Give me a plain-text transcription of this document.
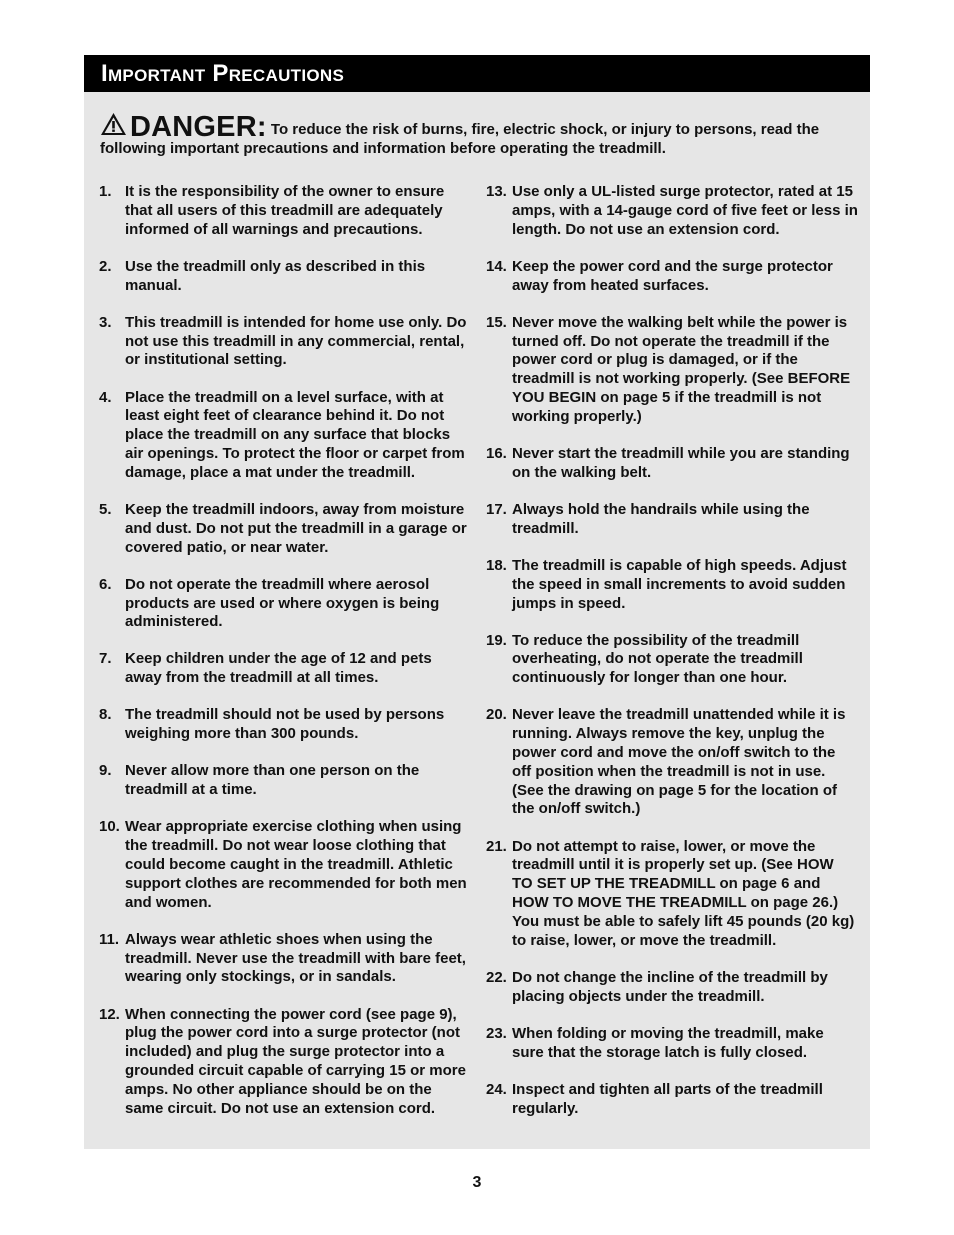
Important Precautions
DANGER: To reduce the risk of burns, fire, electric shock, or injury to persons, read the following important precautions and information before operating the treadmill.
1. It is the responsibility of the owner to ensure that all users of this treadmill are adequately informed of all warnings and precautions.
2. Use the treadmill only as described in this manual.
3. This treadmill is intended for home use only. Do not use this treadmill in any commercial, rental, or institutional setting.
4. Place the treadmill on a level surface, with at least eight feet of clearance behind it. Do not place the treadmill on any surface that blocks air openings. To protect the floor or carpet from damage, place a mat under the treadmill.
5. Keep the treadmill indoors, away from moisture and dust. Do not put the treadmill in a garage or covered patio, or near water.
6. Do not operate the treadmill where aerosol products are used or where oxygen is being administered.
7. Keep children under the age of 12 and pets away from the treadmill at all times.
8. The treadmill should not be used by persons weighing more than 300 pounds.
9. Never allow more than one person on the treadmill at a time.
10. Wear appropriate exercise clothing when using the treadmill. Do not wear loose clothing that could become caught in the treadmill. Athletic support clothes are recommended for both men and women.
11. Always wear athletic shoes when using the treadmill. Never use the treadmill with bare feet, wearing only stockings, or in sandals.
12. When connecting the power cord (see page 9), plug the power cord into a surge protector (not included) and plug the surge protector into a grounded circuit capable of carrying 15 or more amps. No other appliance should be on the same circuit. Do not use an extension cord.
13. Use only a UL-listed surge protector, rated at 15 amps, with a 14-gauge cord of five feet or less in length. Do not use an extension cord.
14. Keep the power cord and the surge protector away from heated surfaces.
15. Never move the walking belt while the power is turned off. Do not operate the treadmill if the power cord or plug is damaged, or if the treadmill is not working properly. (See BEFORE YOU BEGIN on page 5 if the treadmill is not working properly.)
16. Never start the treadmill while you are standing on the walking belt.
17. Always hold the handrails while using the treadmill.
18. The treadmill is capable of high speeds. Adjust the speed in small increments to avoid sudden jumps in speed.
19. To reduce the possibility of the treadmill overheating, do not operate the treadmill continuously for longer than one hour.
20. Never leave the treadmill unattended while it is running. Always remove the key, unplug the power cord and move the on/off switch to the off position when the treadmill is not in use. (See the drawing on page 5 for the location of the on/off switch.)
21. Do not attempt to raise, lower, or move the treadmill until it is properly set up. (See HOW TO SET UP THE TREADMILL on page 6 and HOW TO MOVE THE TREADMILL on page 26.) You must be able to safely lift 45 pounds (20 kg) to raise, lower, or move the treadmill.
22. Do not change the incline of the treadmill by placing objects under the treadmill.
23. When folding or moving the treadmill, make sure that the storage latch is fully closed.
24. Inspect and tighten all parts of the treadmill regularly.
3
